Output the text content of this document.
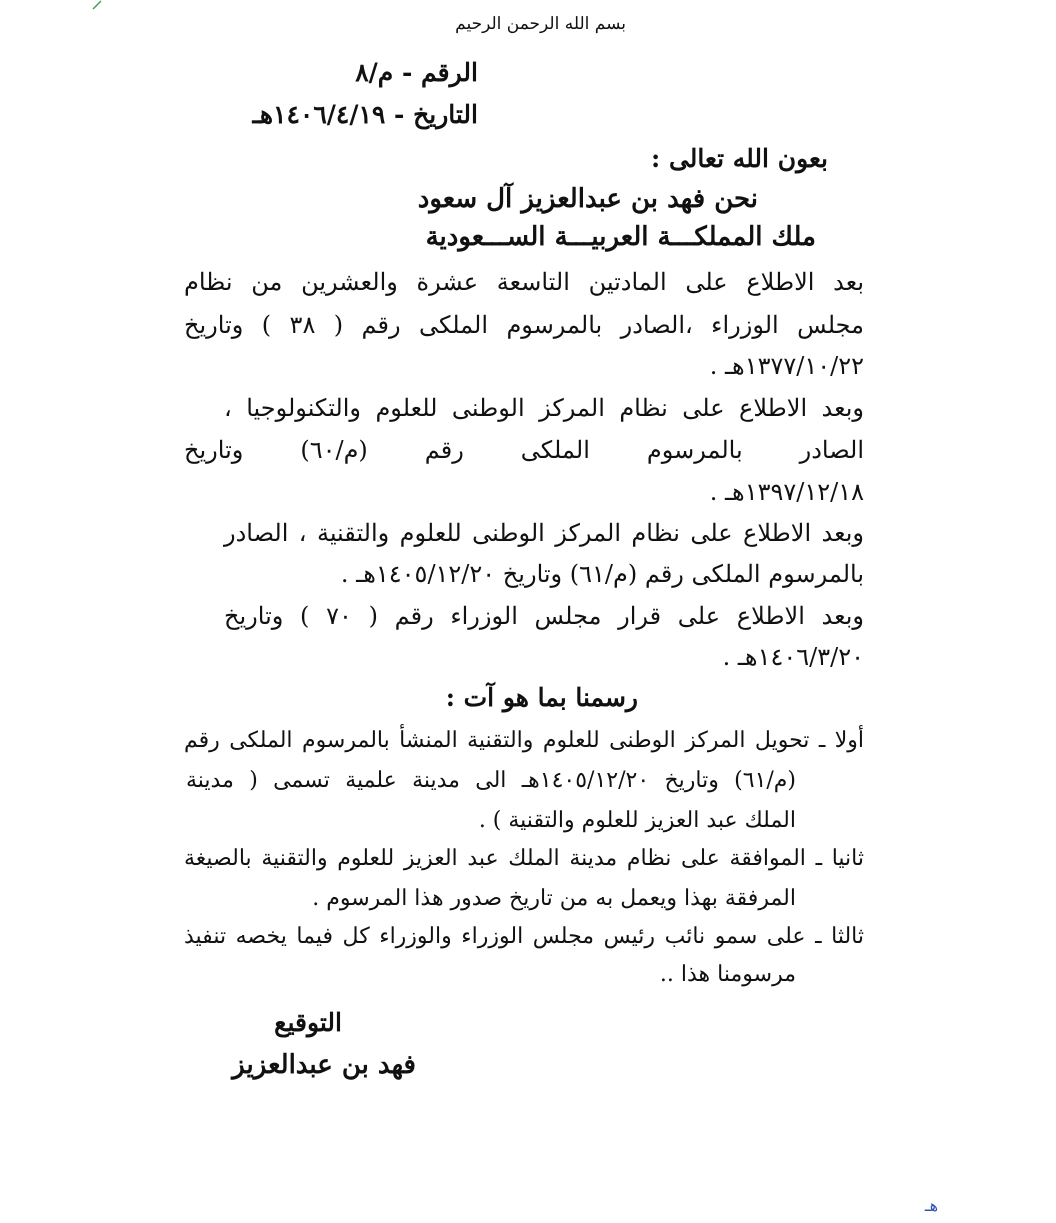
بسم الله الرحمن الرحيم
الرقم - م/٨
التاريخ - ١٤٠٦/٤/١٩هـ
بعون الله تعالى :
نحن فهد بن عبدالعزيز آل سعود
ملك المملكـــة العربيـــة الســـعودية
بعد الاطلاع على المادتين التاسعة عشرة والعشرين من نظام
مجلس الوزراء ،الصادر بالمرسوم الملكى رقم ( ٣٨ ) وتاريخ
١٣٧٧/١٠/٢٢هـ .
وبعد الاطلاع على نظام المركز الوطنى للعلوم والتكنولوجيا ،
الصادر بالمرسوم الملكى رقم (م/٦٠) وتاريخ
١٣٩٧/١٢/١٨هـ .
وبعد الاطلاع على نظام المركز الوطنى للعلوم والتقنية ، الصادر
بالمرسوم الملكى رقم (م/٦١) وتاريخ ١٤٠٥/١٢/٢٠هـ .
وبعد الاطلاع على قرار مجلس الوزراء رقم ( ٧٠ ) وتاريخ
١٤٠٦/٣/٢٠هـ .
رسمنا بما هو آت :
أولا ـ تحويل المركز الوطنى للعلوم والتقنية المنشأ بالمرسوم الملكى رقم
(م/٦١) وتاريخ ١٤٠٥/١٢/٢٠هـ الى مدينة علمية تسمى ( مدينة
الملك عبد العزيز للعلوم والتقنية ) .
ثانيا ـ الموافقة على نظام مدينة الملك عبد العزيز للعلوم والتقنية بالصيغة
المرفقة بهذا ويعمل به من تاريخ صدور هذا المرسوم .
ثالثا ـ على سمو نائب رئيس مجلس الوزراء والوزراء كل فيما يخصه تنفيذ
مرسومنا هذا ..
التوقيع
فهد بن عبدالعزيز
هـ
